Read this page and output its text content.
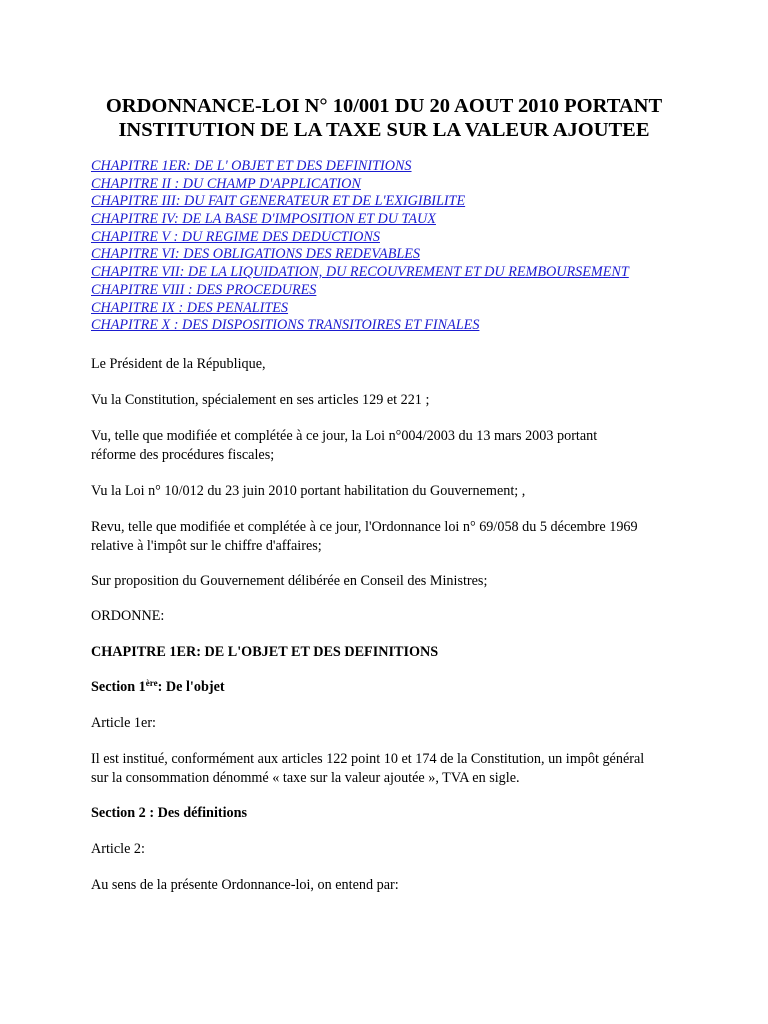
ORDONNANCE-LOI N° 10/001 DU 20 AOUT 2010 PORTANT
INSTITUTION DE LA TAXE SUR LA VALEUR AJOUTEE
CHAPITRE 1ER: DE L' OBJET ET DES DEFINITIONS
CHAPITRE II : DU CHAMP D'APPLICATION
CHAPITRE III: DU FAIT GENERATEUR ET DE L'EXIGIBILITE
CHAPITRE IV: DE LA BASE D'IMPOSITION ET DU TAUX
CHAPITRE V : DU REGIME DES DEDUCTIONS
CHAPITRE VI: DES OBLIGATIONS DES REDEVABLES
CHAPITRE VII: DE LA LIQUIDATION, DU RECOUVREMENT ET DU REMBOURSEMENT
CHAPITRE VIII : DES PROCEDURES
CHAPITRE IX : DES PENALITES
CHAPITRE X : DES DISPOSITIONS TRANSITOIRES ET FINALES

Le Président de la République,

Vu la Constitution, spécialement en ses articles 129 et 221 ;

Vu, telle que modifiée et complétée à ce jour, la Loi n°004/2003 du 13 mars 2003 portant

réforme des procédures fiscales;

Vu la Loi n° 10/012 du 23 juin 2010 portant habilitation du Gouvernement; ,

Revu, telle que modifiée et complétée à ce jour, l'Ordonnance loi n° 69/058 du 5 décembre 1969

relative à l'impôt sur le chiffre d'affaires;

Sur proposition du Gouvernement délibérée en Conseil des Ministres;

ORDONNE:

CHAPITRE 1ER: DE L'OBJET ET DES DEFINITIONS

Section 1ère: De l'objet

Article 1er:

Il est institué, conformément aux articles 122 point 10 et 174 de la Constitution, un impôt général

sur la consommation dénommé « taxe sur la valeur ajoutée », TVA en sigle.

Section 2 : Des définitions

Article 2:

Au sens de la présente Ordonnance-loi, on entend par:
